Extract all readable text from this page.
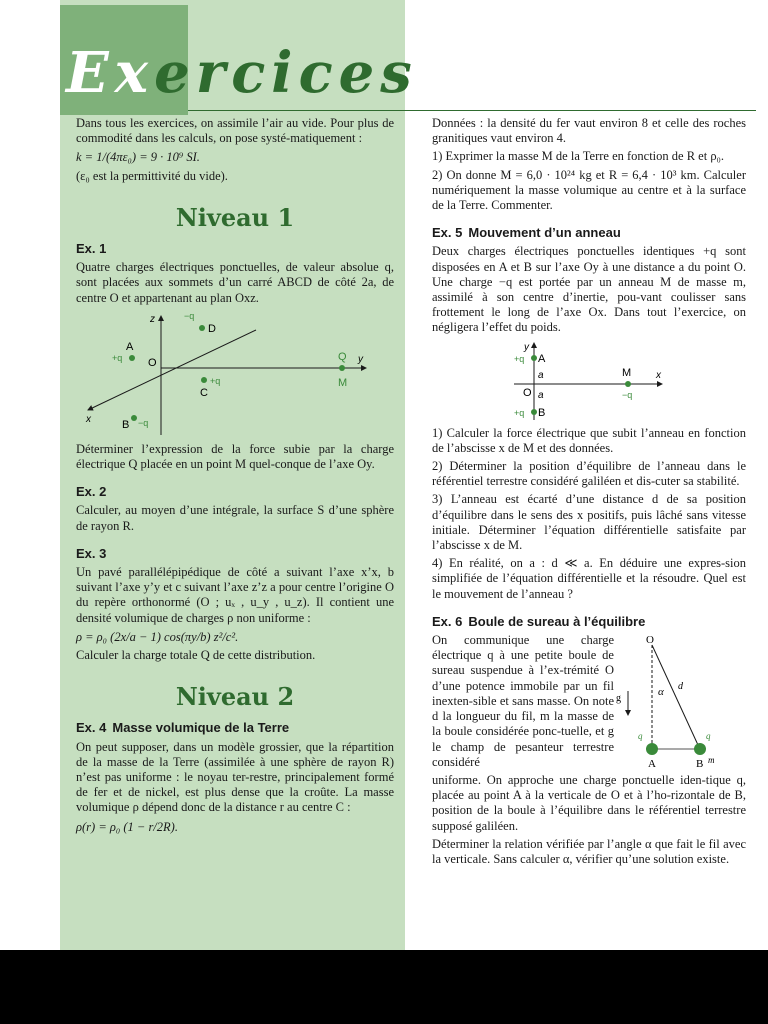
Exercices

Dans tous les exercices, on assimile l’air au vide. Pour plus de commodité dans les calculs, on pose systé-matiquement :

k = 1/(4πε₀) = 9 · 10⁹ SI.

(ε₀ est la permittivité du vide).

Niveau 1
Ex. 1

Quatre charges électriques ponctuelles, de valeur absolue q, sont placées aux sommets d’un carré ABCD de côté 2a, de centre O et appartenant au plan Oxz.

z
y
x
O
A
+q
D
−q
C
+q
B −q
Q
M

Déterminer l’expression de la force subie par la charge électrique Q placée en un point M quel-conque de l’axe Oy.

Ex. 2

Calculer, au moyen d’une intégrale, la surface S d’une sphère de rayon R.

Ex. 3

Un pavé parallélépipédique de côté a suivant l’axe x’x, b suivant l’axe y’y et c suivant l’axe z’z a pour centre l’origine O du repère orthonormé (O ; uₓ , u_y , u_z). Il contient une densité volumique de charges ρ non uniforme :

ρ = ρ₀ (2x/a − 1) cos(πy/b) z²/c².

Calculer la charge totale Q de cette distribution.

Niveau 2
Ex. 4 Masse volumique de la Terre

On peut supposer, dans un modèle grossier, que la répartition de la masse de la Terre (assimilée à une sphère de rayon R) n’est pas uniforme : le noyau ter-restre, principalement formé de fer et de nickel, est plus dense que la croûte. La masse volumique ρ dépend donc de la distance r au centre C :

ρ(r) = ρ₀ (1 − r/2R).

Données : la densité du fer vaut environ 8 et celle des roches granitiques vaut environ 4.

1) Exprimer la masse M de la Terre en fonction de R et ρ₀.

2) On donne M = 6,0 · 10²⁴ kg et R = 6,4 · 10³ km. Calculer numériquement la masse volumique au centre et à la surface de la Terre. Commenter.

Ex. 5 Mouvement d’un anneau

Deux charges électriques ponctuelles identiques +q sont disposées en A et B sur l’axe Oy à une distance a du point O. Une charge −q est portée par un anneau M de masse m, assimilé à son centre d’inertie, pou-vant coulisser sans frottement le long de l’axe Ox. Dans tout l’exercice, on négligera l’effet du poids.

y
x
O
A
+q
a
a
B
+q
M
−q

1) Calculer la force électrique que subit l’anneau en fonction de l’abscisse x de M et des données.

2) Déterminer la position d’équilibre de l’anneau dans le référentiel terrestre considéré galiléen et dis-cuter sa stabilité.

3) L’anneau est écarté d’une distance d de sa position d’équilibre dans le sens des x positifs, puis lâché sans vitesse initiale. Déterminer l’équation différentielle satisfaite par l’abscisse x de M.

4) En réalité, on a : d ≪ a. En déduire une expres-sion simplifiée de l’équation différentielle et la résoudre. Quel est le mouvement de l’anneau ?

Ex. 6 Boule de sureau à l’équilibre

On communique une charge électrique q à une petite boule de sureau suspendue à l’ex-trémité O d’une potence immobile par un fil inexten-sible et sans masse. On note d la longueur du fil, m la masse de la boule considérée ponc-tuelle, et g le champ de pesanteur terrestre considéré

O
α d
g
A
q
B
q
m

uniforme. On approche une charge ponctuelle iden-tique q, placée au point A à la verticale de O et à l’ho-rizontale de B, position de la boule à l’équilibre dans le référentiel terrestre supposé galiléen.

Déterminer la relation vérifiée par l’angle α que fait le fil avec la verticale. Sans calculer α, vérifier qu’une solution existe.
